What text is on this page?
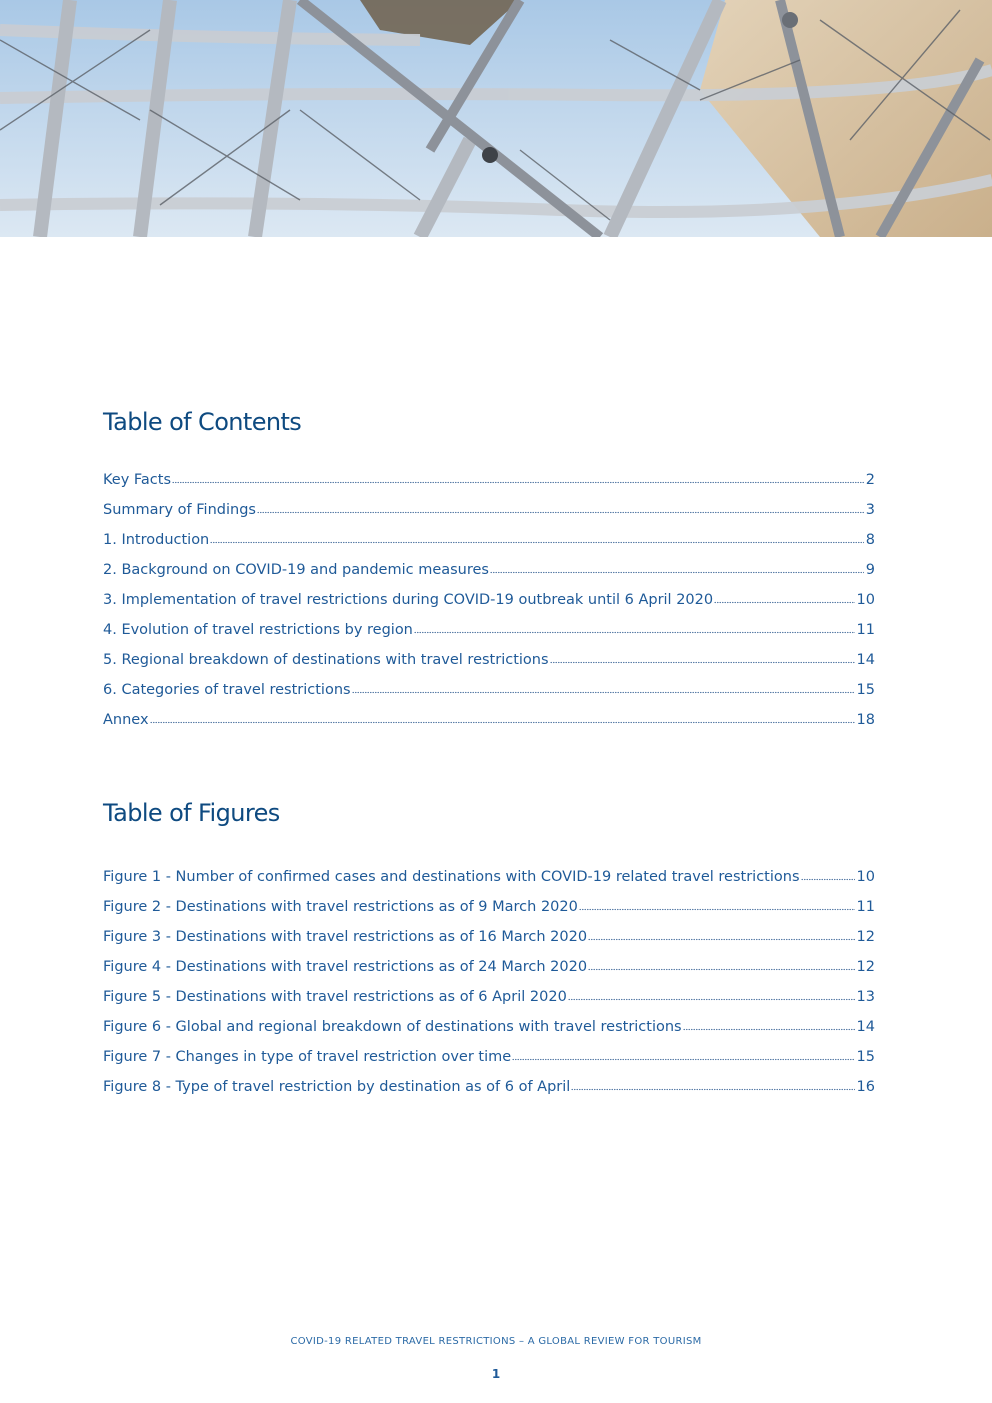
Table of Contents
Key Facts	2
Summary of Findings	3
1. Introduction	8
2. Background on COVID-19 and pandemic measures	9
3. Implementation of travel restrictions during COVID-19 outbreak until 6 April 2020	10
4. Evolution of travel restrictions by region	11
5. Regional breakdown of destinations with travel restrictions	14
6. Categories of travel restrictions	15
Annex	18
Table of Figures
Figure 1 - Number of confirmed cases and destinations with COVID-19 related travel restrictions	10
Figure 2 - Destinations with travel restrictions as of 9 March 2020	11
Figure 3 - Destinations with travel restrictions as of 16 March 2020	12
Figure 4 - Destinations with travel restrictions as of 24 March 2020	12
Figure 5 - Destinations with travel restrictions as of 6 April 2020	13
Figure 6 - Global and regional breakdown of destinations with travel restrictions	14
Figure 7 - Changes in type of travel restriction over time	15
Figure 8 - Type of travel restriction by destination as of 6 of April	16
COVID-19 RELATED TRAVEL RESTRICTIONS – A GLOBAL REVIEW FOR TOURISM
1
